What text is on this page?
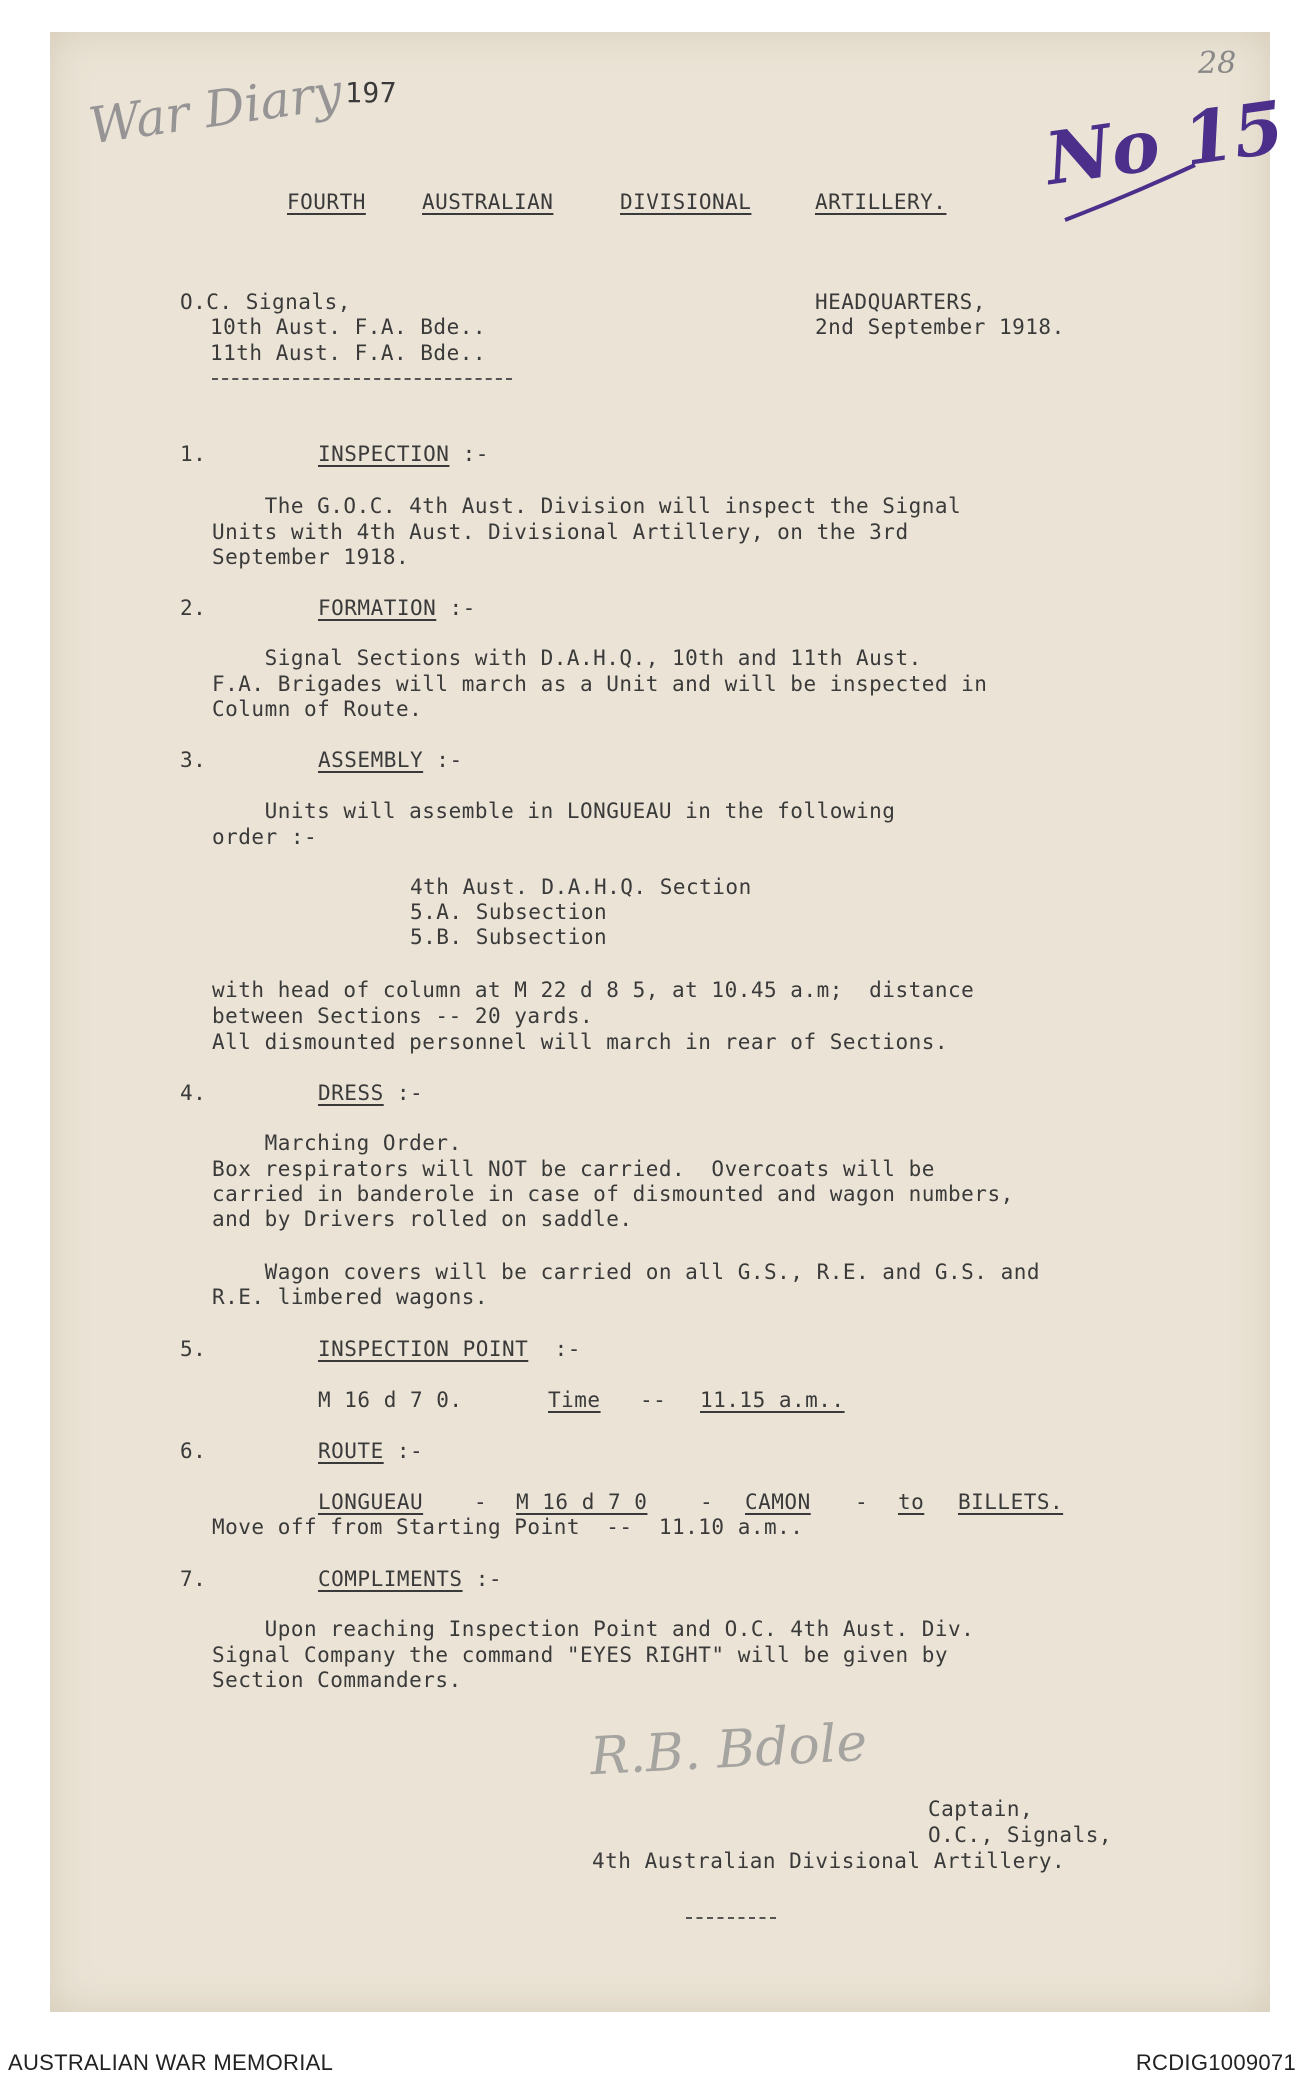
War Diary 197
28
No 15
FOURTH	AUSTRALIAN	DIVISIONAL	ARTILLERY.
O.C. Signals,
10th Aust. F.A. Bde..
11th Aust. F.A. Bde..
HEADQUARTERS,
2nd September 1918.
1.	INSPECTION :-
The G.O.C. 4th Aust. Division will inspect the Signal
Units with 4th Aust. Divisional Artillery, on the 3rd
September 1918.
2.	FORMATION :-
Signal Sections with D.A.H.Q., 10th and 11th Aust.
F.A. Brigades will march as a Unit and will be inspected in
Column of Route.
3.	ASSEMBLY :-
Units will assemble in LONGUEAU in the following
order :-
4th Aust. D.A.H.Q. Section
5.A. Subsection
5.B. Subsection
with head of column at M 22 d 8 5, at 10.45 a.m;  distance
between Sections -- 20 yards.
All dismounted personnel will march in rear of Sections.
4.	DRESS :-
Marching Order.
Box respirators will NOT be carried.  Overcoats will be
carried in banderole in case of dismounted and wagon numbers,
and by Drivers rolled on saddle.
Wagon covers will be carried on all G.S., R.E. and G.S. and
R.E. limbered wagons.
5.	INSPECTION POINT  :-
M 16 d 7 0.	Time -- 11.15 a.m..
6.	ROUTE :-
LONGUEAU - M 16 d 7 0	- CAMON - to BILLETS.
Move off from Starting Point  --  11.10 a.m..
7.	COMPLIMENTS :-
Upon reaching Inspection Point and O.C. 4th Aust. Div.
Signal Company the command "EYES RIGHT" will be given by
Section Commanders.
R.B. Bdole
Captain,
O.C., Signals,
4th Australian Divisional Artillery.
AUSTRALIAN WAR MEMORIAL	RCDIG1009071
